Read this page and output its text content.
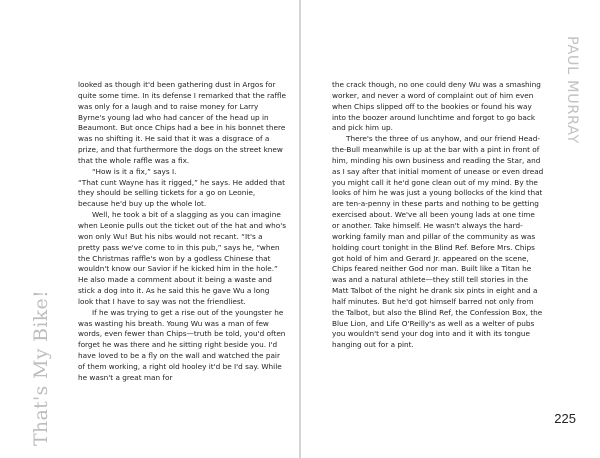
looked as though it'd been gathering dust in Argos for quite some time. In its defense I remarked that the raffle was only for a laugh and to raise money for Larry Byrne's young lad who had cancer of the head up in Beaumont. But once Chips had a bee in his bonnet there was no shifting it. He said that it was a disgrace of a prize, and that furthermore the dogs on the street knew that the whole raffle was a fix.

“How is it a fix,” says I.

“That cunt Wayne has it rigged,” he says. He added that they should be selling tickets for a go on Leonie, because he'd buy up the whole lot.

Well, he took a bit of a slagging as you can imagine when Leonie pulls out the ticket out of the hat and who's won only Wu! But his nibs would not recant. “It's a pretty pass we've come to in this pub,” says he, “when the Christmas raffle's won by a godless Chinese that wouldn't know our Savior if he kicked him in the hole.” He also made a comment about it being a waste and stick a dog into it. As he said this he gave Wu a long look that I have to say was not the friendliest.

If he was trying to get a rise out of the youngster he was wasting his breath. Young Wu was a man of few words, even fewer than Chips—truth be told, you'd often forget he was there and he sitting right beside you. I'd have loved to be a fly on the wall and watched the pair of them working, a right old hooley it'd be I'd say. While he wasn't a great man for

That's My Bike!

the crack though, no one could deny Wu was a smashing worker, and never a word of complaint out of him even when Chips slipped off to the bookies or found his way into the boozer around lunchtime and forgot to go back and pick him up.

There's the three of us anyhow, and our friend Head-the-Bull meanwhile is up at the bar with a pint in front of him, minding his own business and reading the Star, and as I say after that initial moment of unease or even dread you might call it he'd gone clean out of my mind. By the looks of him he was just a young bollocks of the kind that are ten-a-penny in these parts and nothing to be getting exercised about. We've all been young lads at one time or another. Take himself. He wasn't always the hard-working family man and pillar of the community as was holding court tonight in the Blind Ref. Before Mrs. Chips got hold of him and Gerard Jr. appeared on the scene, Chips feared neither God nor man. Built like a Titan he was and a natural athlete—they still tell stories in the Matt Talbot of the night he drank six pints in eight and a half minutes. But he'd got himself barred not only from the Talbot, but also the Blind Ref, the Confession Box, the Blue Lion, and Life O'Reilly's as well as a welter of pubs you wouldn't send your dog into and it with its tongue hanging out for a pint.

PAUL MURRAY
225
